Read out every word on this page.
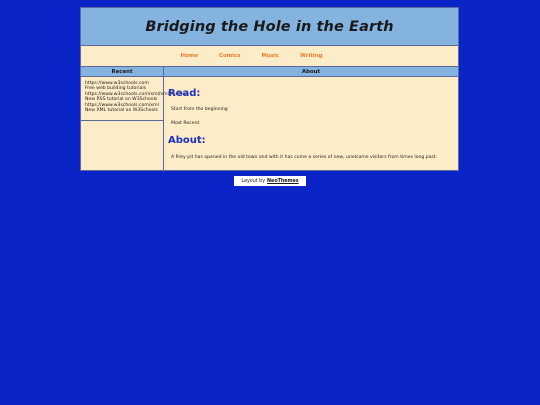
Bridging the Hole in the Earth
Home	Comics	Music	Writing
Recent
https://www.w3schools.com
Free web building tutorials
https://www.w3schools.com/xml/xml_rss.asp
New RSS tutorial on W3Schools
https://www.w3schools.com/xml
New XML tutorial on W3Schools
About
Read:
Start from the beginning
Most Recent
About:
A firey pit has opened in the old town and with it has come a series of new, unelcome visitors from times long past.
Layout by NeoThemes
